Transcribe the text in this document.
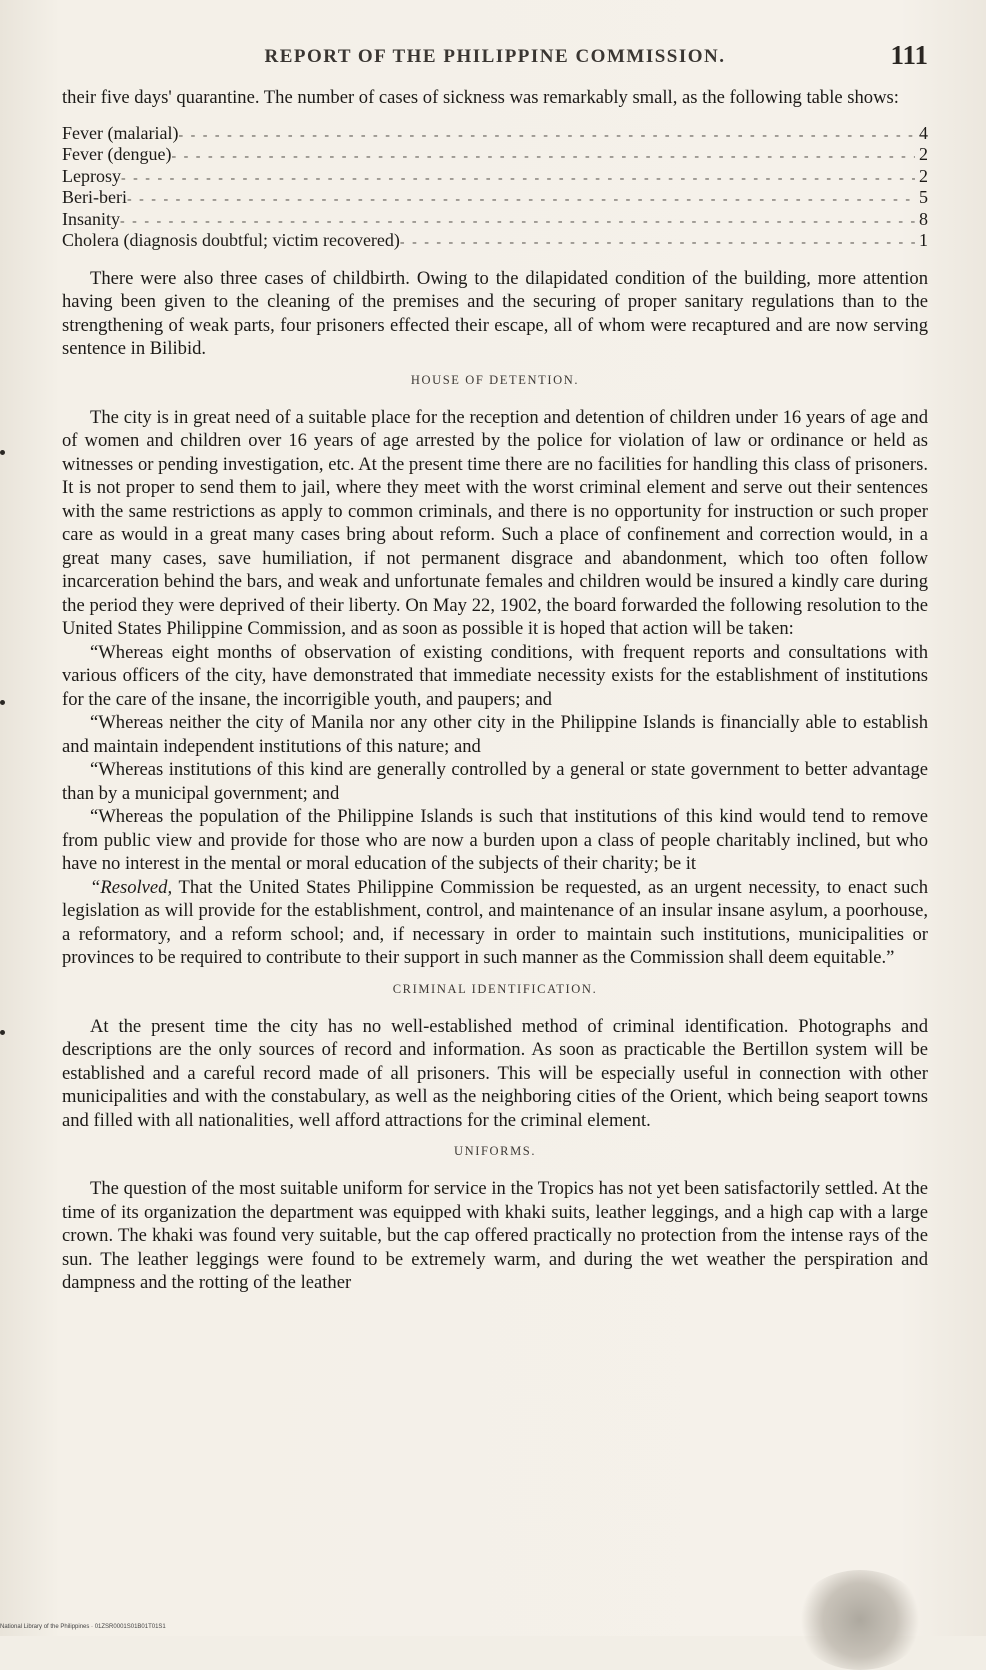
REPORT OF THE PHILIPPINE COMMISSION.	111

their five days' quarantine. The number of cases of sickness was remarkably small, as the following table shows:

Fever (malarial) - - -	4
Fever (dengue) - - -	2
Leprosy - - -	2
Beri-beri - - -	5
Insanity - - -	8
Cholera (diagnosis doubtful; victim recovered) - - -	1

There were also three cases of childbirth. Owing to the dilapidated condition of the building, more attention having been given to the cleaning of the premises and the securing of proper sanitary regulations than to the strengthening of weak parts, four prisoners effected their escape, all of whom were recaptured and are now serving sentence in Bilibid.

HOUSE OF DETENTION.

The city is in great need of a suitable place for the reception and detention of children under 16 years of age and of women and children over 16 years of age arrested by the police for violation of law or ordinance or held as witnesses or pending investigation, etc. At the present time there are no facilities for handling this class of prisoners. It is not proper to send them to jail, where they meet with the worst criminal element and serve out their sentences with the same restrictions as apply to common criminals, and there is no opportunity for instruction or such proper care as would in a great many cases bring about reform. Such a place of confinement and correction would, in a great many cases, save humiliation, if not permanent disgrace and abandonment, which too often follow incarceration behind the bars, and weak and unfortunate females and children would be insured a kindly care during the period they were deprived of their liberty. On May 22, 1902, the board forwarded the following resolution to the United States Philippine Commission, and as soon as possible it is hoped that action will be taken:

“Whereas eight months of observation of existing conditions, with frequent reports and consultations with various officers of the city, have demonstrated that immediate necessity exists for the establishment of institutions for the care of the insane, the incorrigible youth, and paupers; and

“Whereas neither the city of Manila nor any other city in the Philippine Islands is financially able to establish and maintain independent institutions of this nature; and

“Whereas institutions of this kind are generally controlled by a general or state government to better advantage than by a municipal government; and

“Whereas the population of the Philippine Islands is such that institutions of this kind would tend to remove from public view and provide for those who are now a burden upon a class of people charitably inclined, but who have no interest in the mental or moral education of the subjects of their charity; be it

“Resolved, That the United States Philippine Commission be requested, as an urgent necessity, to enact such legislation as will provide for the establishment, control, and maintenance of an insular insane asylum, a poorhouse, a reformatory, and a reform school; and, if necessary in order to maintain such institutions, municipalities or provinces to be required to contribute to their support in such manner as the Commission shall deem equitable.”

CRIMINAL IDENTIFICATION.

At the present time the city has no well-established method of criminal identification. Photographs and descriptions are the only sources of record and information. As soon as practicable the Bertillon system will be established and a careful record made of all prisoners. This will be especially useful in connection with other municipalities and with the constabulary, as well as the neighboring cities of the Orient, which being seaport towns and filled with all nationalities, well afford attractions for the criminal element.

UNIFORMS.

The question of the most suitable uniform for service in the Tropics has not yet been satisfactorily settled. At the time of its organization the department was equipped with khaki suits, leather leggings, and a high cap with a large crown. The khaki was found very suitable, but the cap offered practically no protection from the intense rays of the sun. The leather leggings were found to be extremely warm, and during the wet weather the perspiration and dampness and the rotting of the leather

National Library of the Philippines · 01ZSR0001S01B01T01S1
